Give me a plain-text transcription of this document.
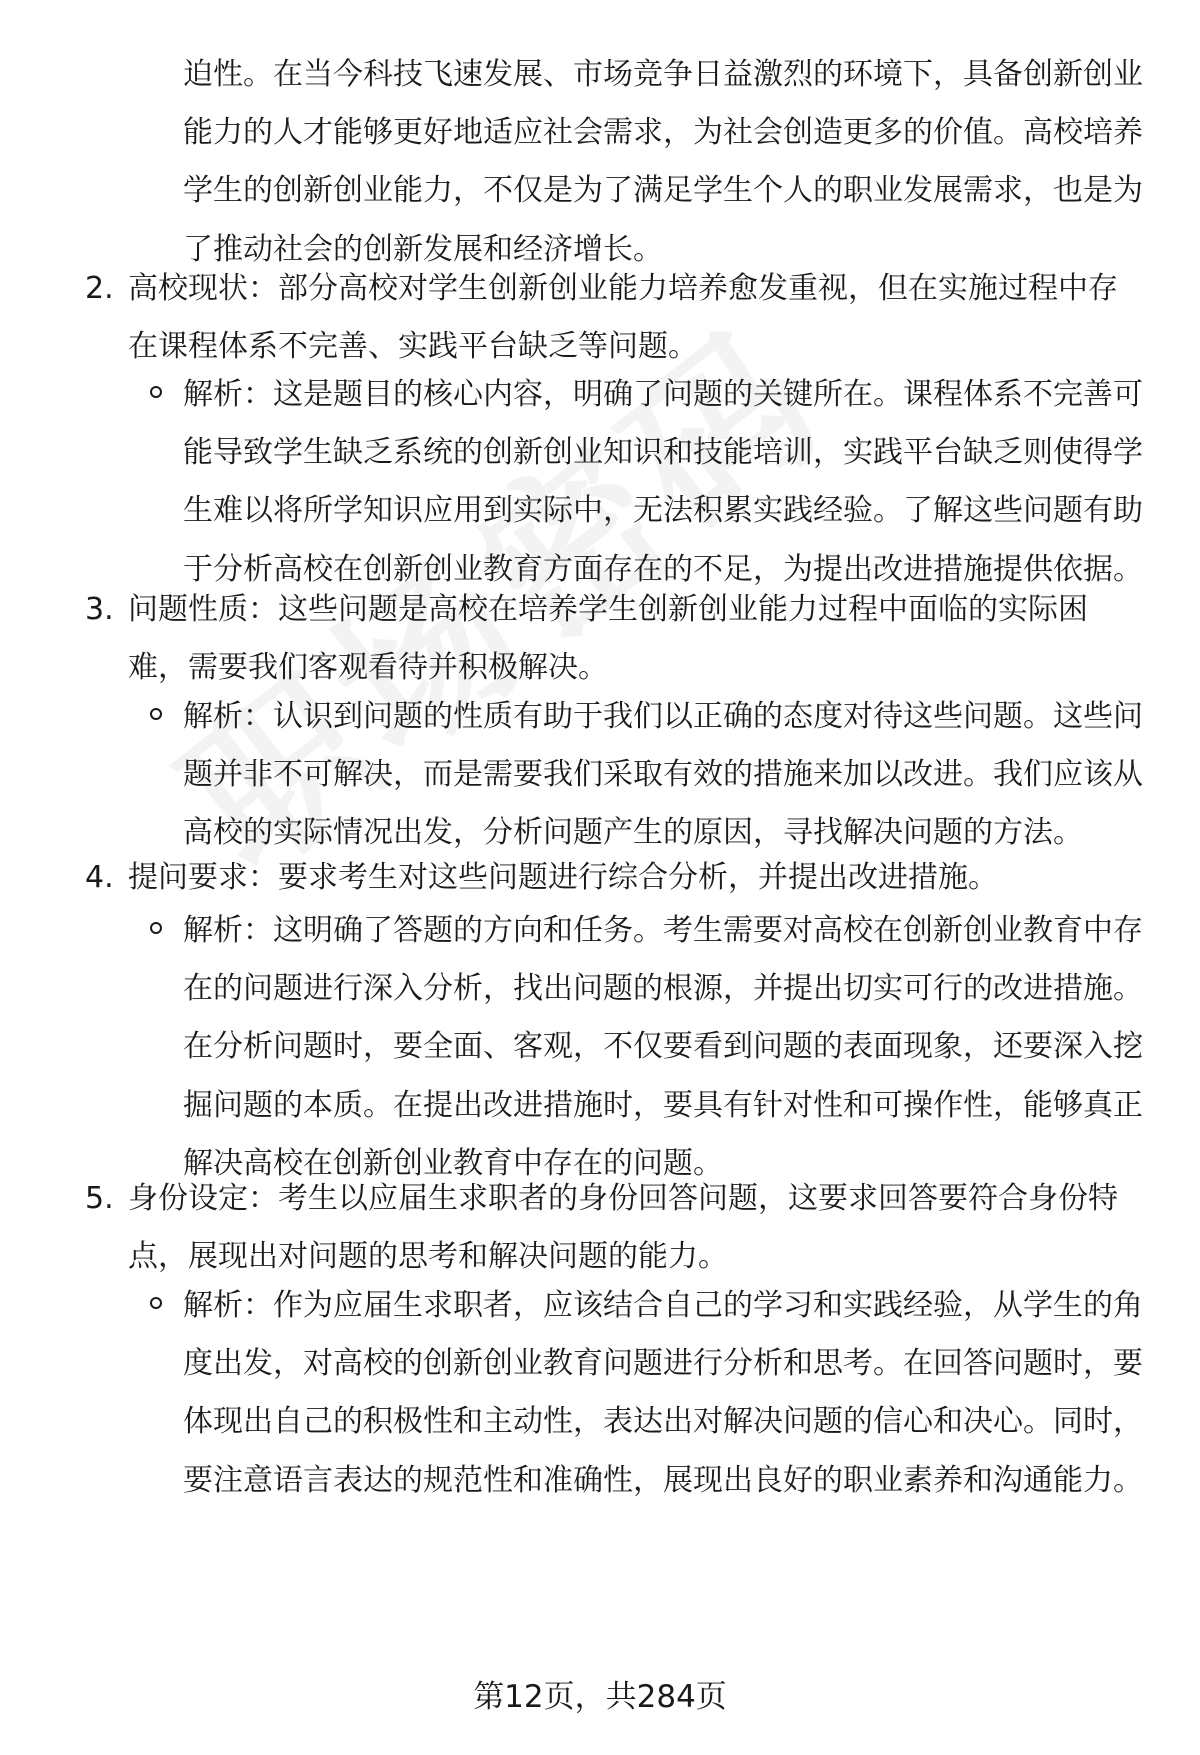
迫性。在当今科技飞速发展、市场竞争日益激烈的环境下，具备创新创业能力的人才能够更好地适应社会需求，为社会创造更多的价值。高校培养学生的创新创业能力，不仅是为了满足学生个人的职业发展需求，也是为了推动社会的创新发展和经济增长。

2. 高校现状：部分高校对学生创新创业能力培养愈发重视，但在实施过程中存在课程体系不完善、实践平台缺乏等问题。

解析：这是题目的核心内容，明确了问题的关键所在。课程体系不完善可能导致学生缺乏系统的创新创业知识和技能培训，实践平台缺乏则使得学生难以将所学知识应用到实际中，无法积累实践经验。了解这些问题有助于分析高校在创新创业教育方面存在的不足，为提出改进措施提供依据。

3. 问题性质：这些问题是高校在培养学生创新创业能力过程中面临的实际困难，需要我们客观看待并积极解决。

解析：认识到问题的性质有助于我们以正确的态度对待这些问题。这些问题并非不可解决，而是需要我们采取有效的措施来加以改进。我们应该从高校的实际情况出发，分析问题产生的原因，寻找解决问题的方法。

4. 提问要求：要求考生对这些问题进行综合分析，并提出改进措施。

解析：这明确了答题的方向和任务。考生需要对高校在创新创业教育中存在的问题进行深入分析，找出问题的根源，并提出切实可行的改进措施。在分析问题时，要全面、客观，不仅要看到问题的表面现象，还要深入挖掘问题的本质。在提出改进措施时，要具有针对性和可操作性，能够真正解决高校在创新创业教育中存在的问题。

5. 身份设定：考生以应届生求职者的身份回答问题，这要求回答要符合身份特点，展现出对问题的思考和解决问题的能力。

解析：作为应届生求职者，应该结合自己的学习和实践经验，从学生的角度出发，对高校的创新创业教育问题进行分析和思考。在回答问题时，要体现出自己的积极性和主动性，表达出对解决问题的信心和决心。同时，要注意语言表达的规范性和准确性，展现出良好的职业素养和沟通能力。

第12页，共284页
